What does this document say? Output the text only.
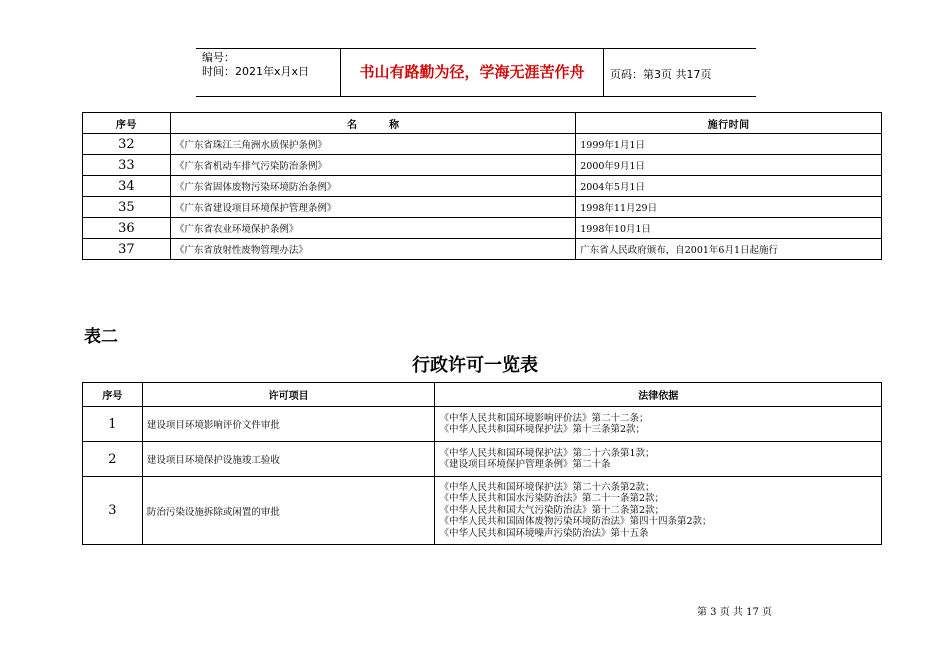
编号：
时间：2021年x月x日	书山有路勤为径，学海无涯苦作舟	页码：第3页 共17页
序号	名 称	施行时间
32	《广东省珠江三角洲水质保护条例》	1999年1月1日
33	《广东省机动车排气污染防治条例》	2000年9月1日
34	《广东省固体废物污染环境防治条例》	2004年5月1日
35	《广东省建设项目环境保护管理条例》	1998年11月29日
36	《广东省农业环境保护条例》	1998年10月1日
37	《广东省放射性废物管理办法》	广东省人民政府颁布，自2001年6月1日起施行
表二
行政许可一览表
序号	许可项目	法律依据
1	建设项目环境影响评价文件审批	《中华人民共和国环境影响评价法》第二十二条；
《中华人民共和国环境保护法》第十三条第2款；

2	建设项目环境保护设施竣工验收	《中华人民共和国环境保护法》第二十六条第1款；
《建设项目环境保护管理条例》第二十条

3	防治污染设施拆除或闲置的审批	《中华人民共和国环境保护法》第二十六条第2款；
《中华人民共和国水污染防治法》第二十一条第2款；
《中华人民共和国大气污染防治法》第十二条第2款；
《中华人民共和国固体废物污染环境防治法》第四十四条第2款；
《中华人民共和国环境噪声污染防治法》第十五条
第 3 页 共 17 页
